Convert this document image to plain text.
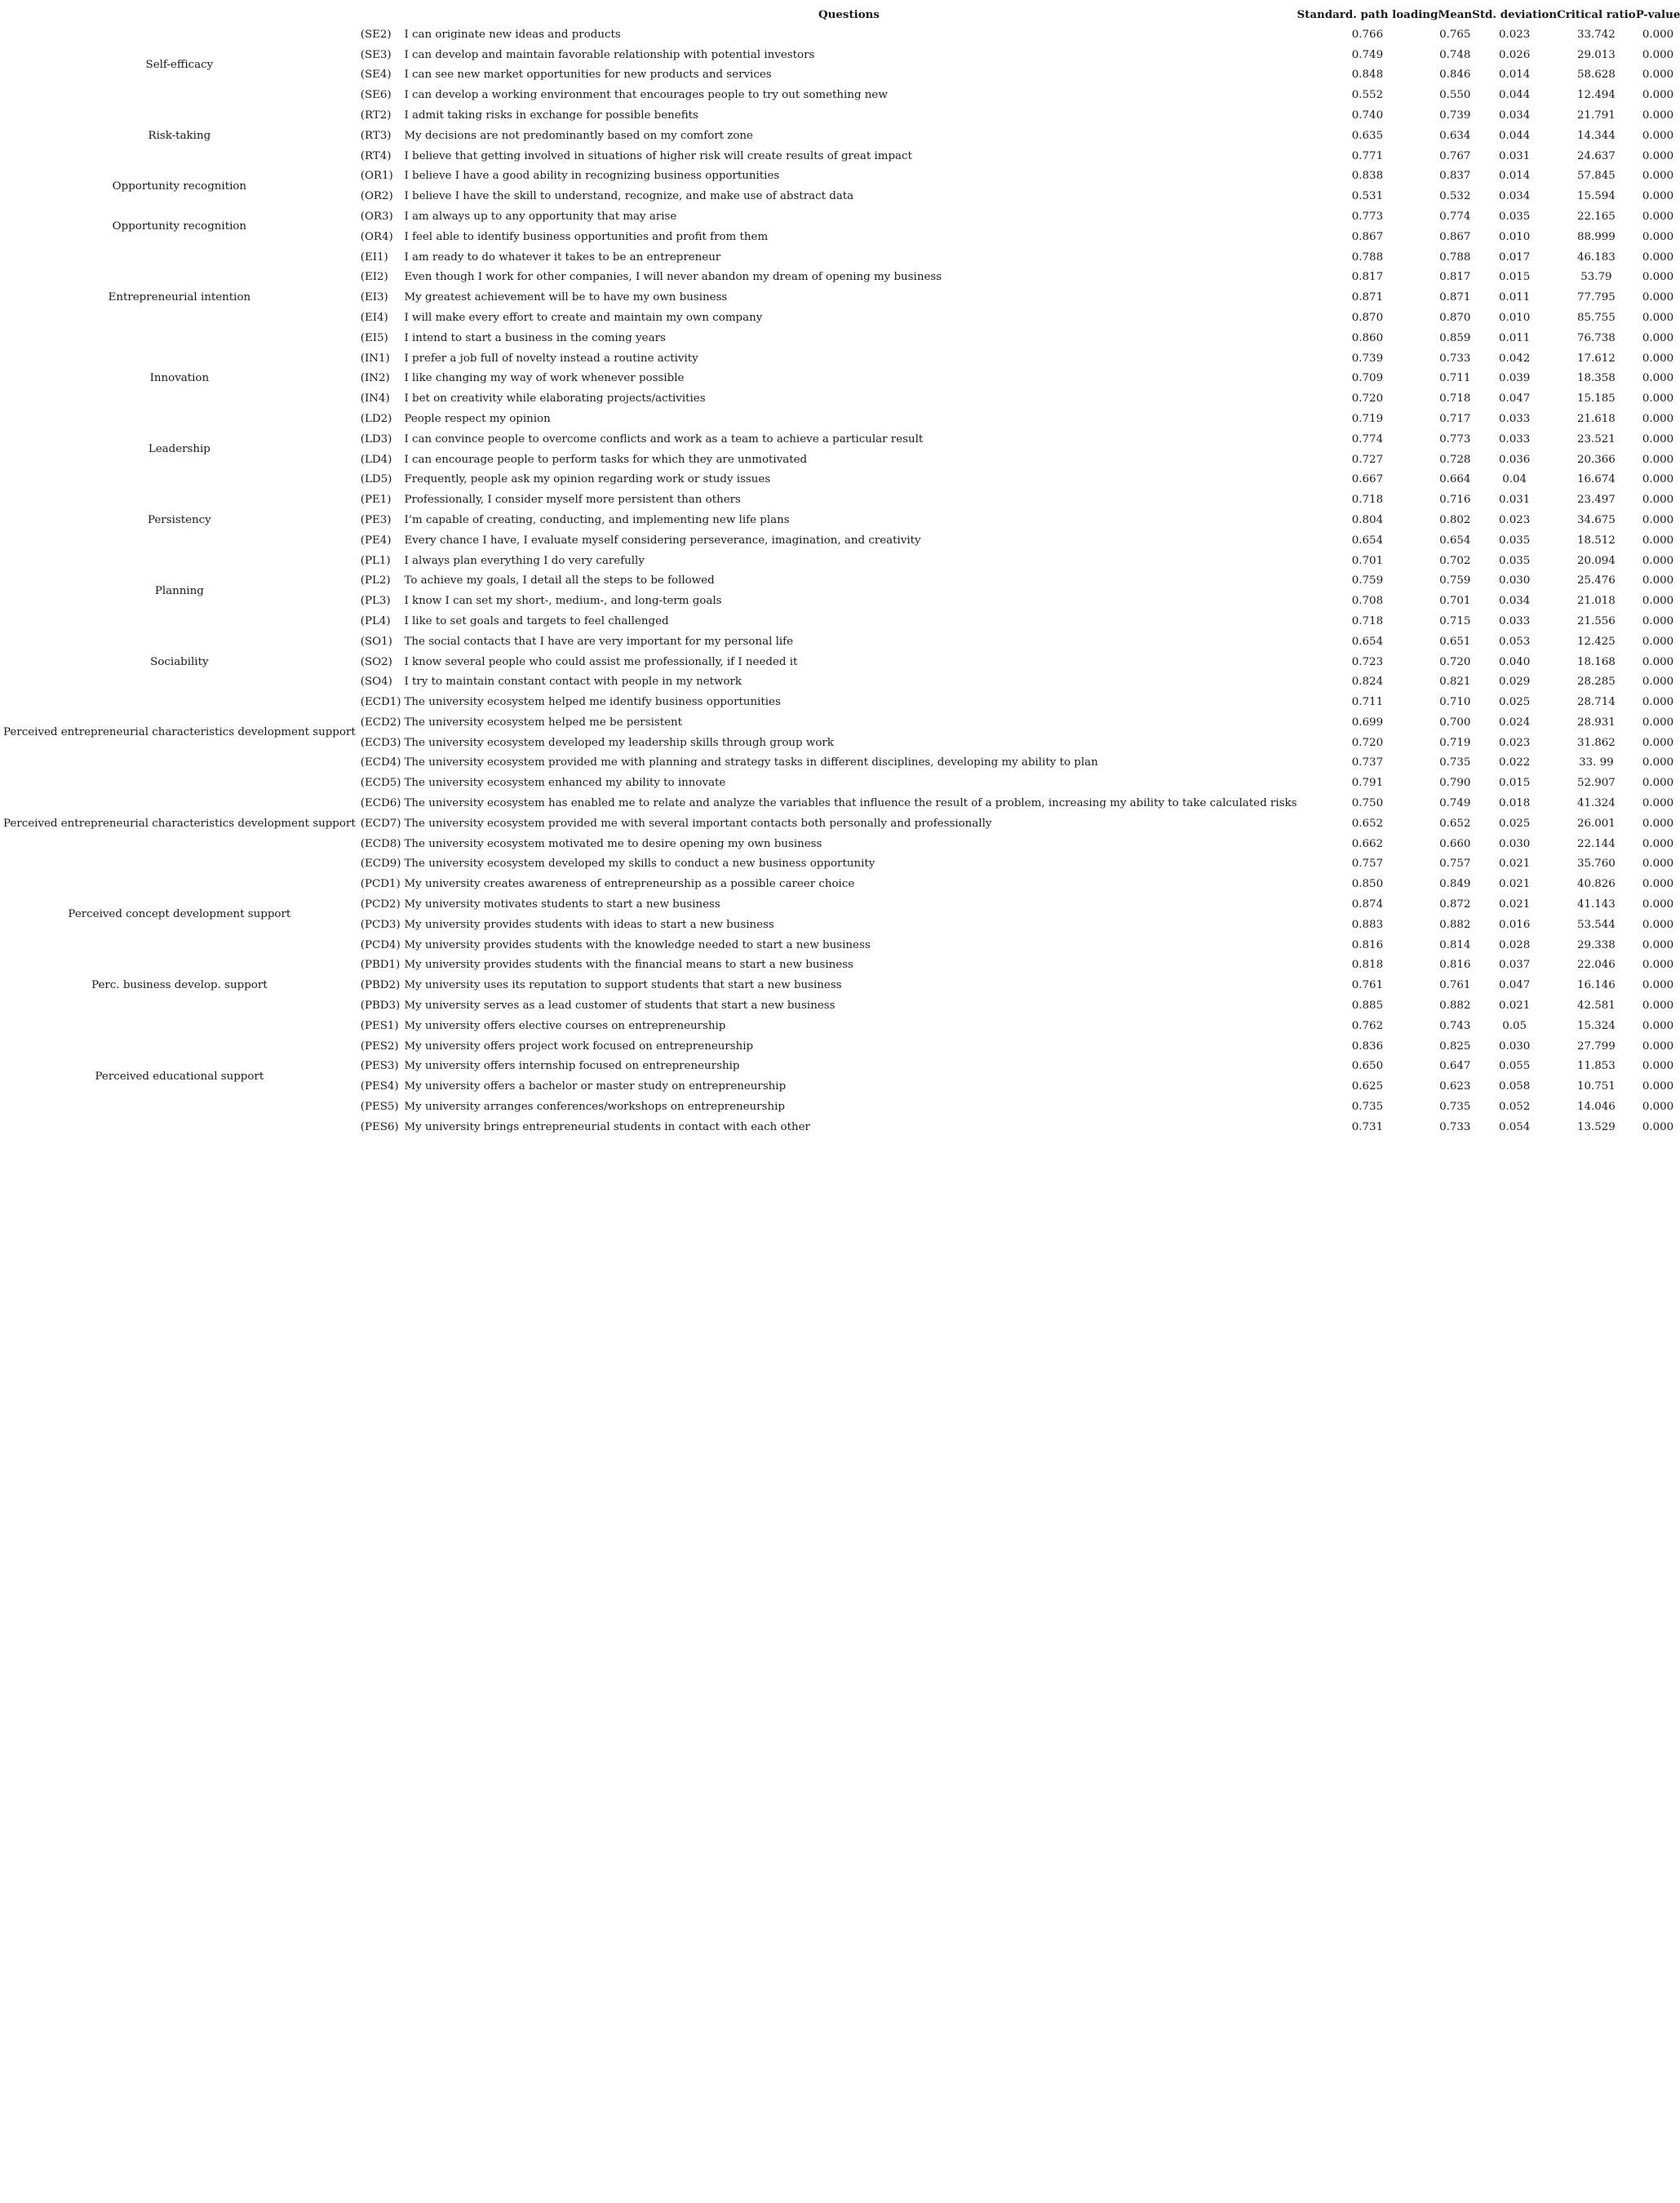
		Questions	Standard. path loading	Mean	Std. deviation	Critical ratio	P-value
Self-efficacy	(SE2)	I can originate new ideas and products	0.766	0.765	0.023	33.742	0.000
	(SE3)	I can develop and maintain favorable relationship with potential investors	0.749	0.748	0.026	29.013	0.000
	(SE4)	I can see new market opportunities for new products and services	0.848	0.846	0.014	58.628	0.000
	(SE6)	I can develop a working environment that encourages people to try out something new	0.552	0.550	0.044	12.494	0.000
Risk-taking	(RT2)	I admit taking risks in exchange for possible benefits	0.740	0.739	0.034	21.791	0.000
	(RT3)	My decisions are not predominantly based on my comfort zone	0.635	0.634	0.044	14.344	0.000
	(RT4)	I believe that getting involved in situations of higher risk will create results of great impact	0.771	0.767	0.031	24.637	0.000
Opportunity recognition	(OR1)	I believe I have a good ability in recognizing business opportunities	0.838	0.837	0.014	57.845	0.000
	(OR2)	I believe I have the skill to understand, recognize, and make use of abstract data	0.531	0.532	0.034	15.594	0.000
Opportunity recognition	(OR3)	I am always up to any opportunity that may arise	0.773	0.774	0.035	22.165	0.000
	(OR4)	I feel able to identify business opportunities and profit from them	0.867	0.867	0.010	88.999	0.000
Entrepreneurial intention	(EI1)	I am ready to do whatever it takes to be an entrepreneur	0.788	0.788	0.017	46.183	0.000
	(EI2)	Even though I work for other companies, I will never abandon my dream of opening my business	0.817	0.817	0.015	53.79	0.000
	(EI3)	My greatest achievement will be to have my own business	0.871	0.871	0.011	77.795	0.000
	(EI4)	I will make every effort to create and maintain my own company	0.870	0.870	0.010	85.755	0.000
	(EI5)	I intend to start a business in the coming years	0.860	0.859	0.011	76.738	0.000
Innovation	(IN1)	I prefer a job full of novelty instead a routine activity	0.739	0.733	0.042	17.612	0.000
	(IN2)	I like changing my way of work whenever possible	0.709	0.711	0.039	18.358	0.000
	(IN4)	I bet on creativity while elaborating projects/activities	0.720	0.718	0.047	15.185	0.000
Leadership	(LD2)	People respect my opinion	0.719	0.717	0.033	21.618	0.000
	(LD3)	I can convince people to overcome conflicts and work as a team to achieve a particular result	0.774	0.773	0.033	23.521	0.000
	(LD4)	I can encourage people to perform tasks for which they are unmotivated	0.727	0.728	0.036	20.366	0.000
	(LD5)	Frequently, people ask my opinion regarding work or study issues	0.667	0.664	0.04	16.674	0.000
Persistency	(PE1)	Professionally, I consider myself more persistent than others	0.718	0.716	0.031	23.497	0.000
	(PE3)	I’m capable of creating, conducting, and implementing new life plans	0.804	0.802	0.023	34.675	0.000
	(PE4)	Every chance I have, I evaluate myself considering perseverance, imagination, and creativity	0.654	0.654	0.035	18.512	0.000
Planning	(PL1)	I always plan everything I do very carefully	0.701	0.702	0.035	20.094	0.000
	(PL2)	To achieve my goals, I detail all the steps to be followed	0.759	0.759	0.030	25.476	0.000
	(PL3)	I know I can set my short-, medium-, and long-term goals	0.708	0.701	0.034	21.018	0.000
	(PL4)	I like to set goals and targets to feel challenged	0.718	0.715	0.033	21.556	0.000
Sociability	(SO1)	The social contacts that I have are very important for my personal life	0.654	0.651	0.053	12.425	0.000
	(SO2)	I know several people who could assist me professionally, if I needed it	0.723	0.720	0.040	18.168	0.000
	(SO4)	I try to maintain constant contact with people in my network	0.824	0.821	0.029	28.285	0.000
Perceived entrepreneurial characteristics development support	(ECD1)	The university ecosystem helped me identify business opportunities	0.711	0.710	0.025	28.714	0.000
	(ECD2)	The university ecosystem helped me be persistent	0.699	0.700	0.024	28.931	0.000
	(ECD3)	The university ecosystem developed my leadership skills through group work	0.720	0.719	0.023	31.862	0.000
	(ECD4)	The university ecosystem provided me with planning and strategy tasks in different disciplines, developing my ability to plan	0.737	0.735	0.022	33. 99	0.000
Perceived entrepreneurial characteristics development support	(ECD5)	The university ecosystem enhanced my ability to innovate	0.791	0.790	0.015	52.907	0.000
	(ECD6)	The university ecosystem has enabled me to relate and analyze the variables that influence the result of a problem, increasing my ability to take calculated risks	0.750	0.749	0.018	41.324	0.000
	(ECD7)	The university ecosystem provided me with several important contacts both personally and professionally	0.652	0.652	0.025	26.001	0.000
	(ECD8)	The university ecosystem motivated me to desire opening my own business	0.662	0.660	0.030	22.144	0.000
	(ECD9)	The university ecosystem developed my skills to conduct a new business opportunity	0.757	0.757	0.021	35.760	0.000
Perceived concept development support	(PCD1)	My university creates awareness of entrepreneurship as a possible career choice	0.850	0.849	0.021	40.826	0.000
	(PCD2)	My university motivates students to start a new business	0.874	0.872	0.021	41.143	0.000
	(PCD3)	My university provides students with ideas to start a new business	0.883	0.882	0.016	53.544	0.000
	(PCD4)	My university provides students with the knowledge needed to start a new business	0.816	0.814	0.028	29.338	0.000
Perc. business develop. support	(PBD1)	My university provides students with the financial means to start a new business	0.818	0.816	0.037	22.046	0.000
	(PBD2)	My university uses its reputation to support students that start a new business	0.761	0.761	0.047	16.146	0.000
	(PBD3)	My university serves as a lead customer of students that start a new business	0.885	0.882	0.021	42.581	0.000
Perceived educational support	(PES1)	My university offers elective courses on entrepreneurship	0.762	0.743	0.05	15.324	0.000
	(PES2)	My university offers project work focused on entrepreneurship	0.836	0.825	0.030	27.799	0.000
	(PES3)	My university offers internship focused on entrepreneurship	0.650	0.647	0.055	11.853	0.000
	(PES4)	My university offers a bachelor or master study on entrepreneurship	0.625	0.623	0.058	10.751	0.000
	(PES5)	My university arranges conferences/workshops on entrepreneurship	0.735	0.735	0.052	14.046	0.000
	(PES6)	My university brings entrepreneurial students in contact with each other	0.731	0.733	0.054	13.529	0.000
